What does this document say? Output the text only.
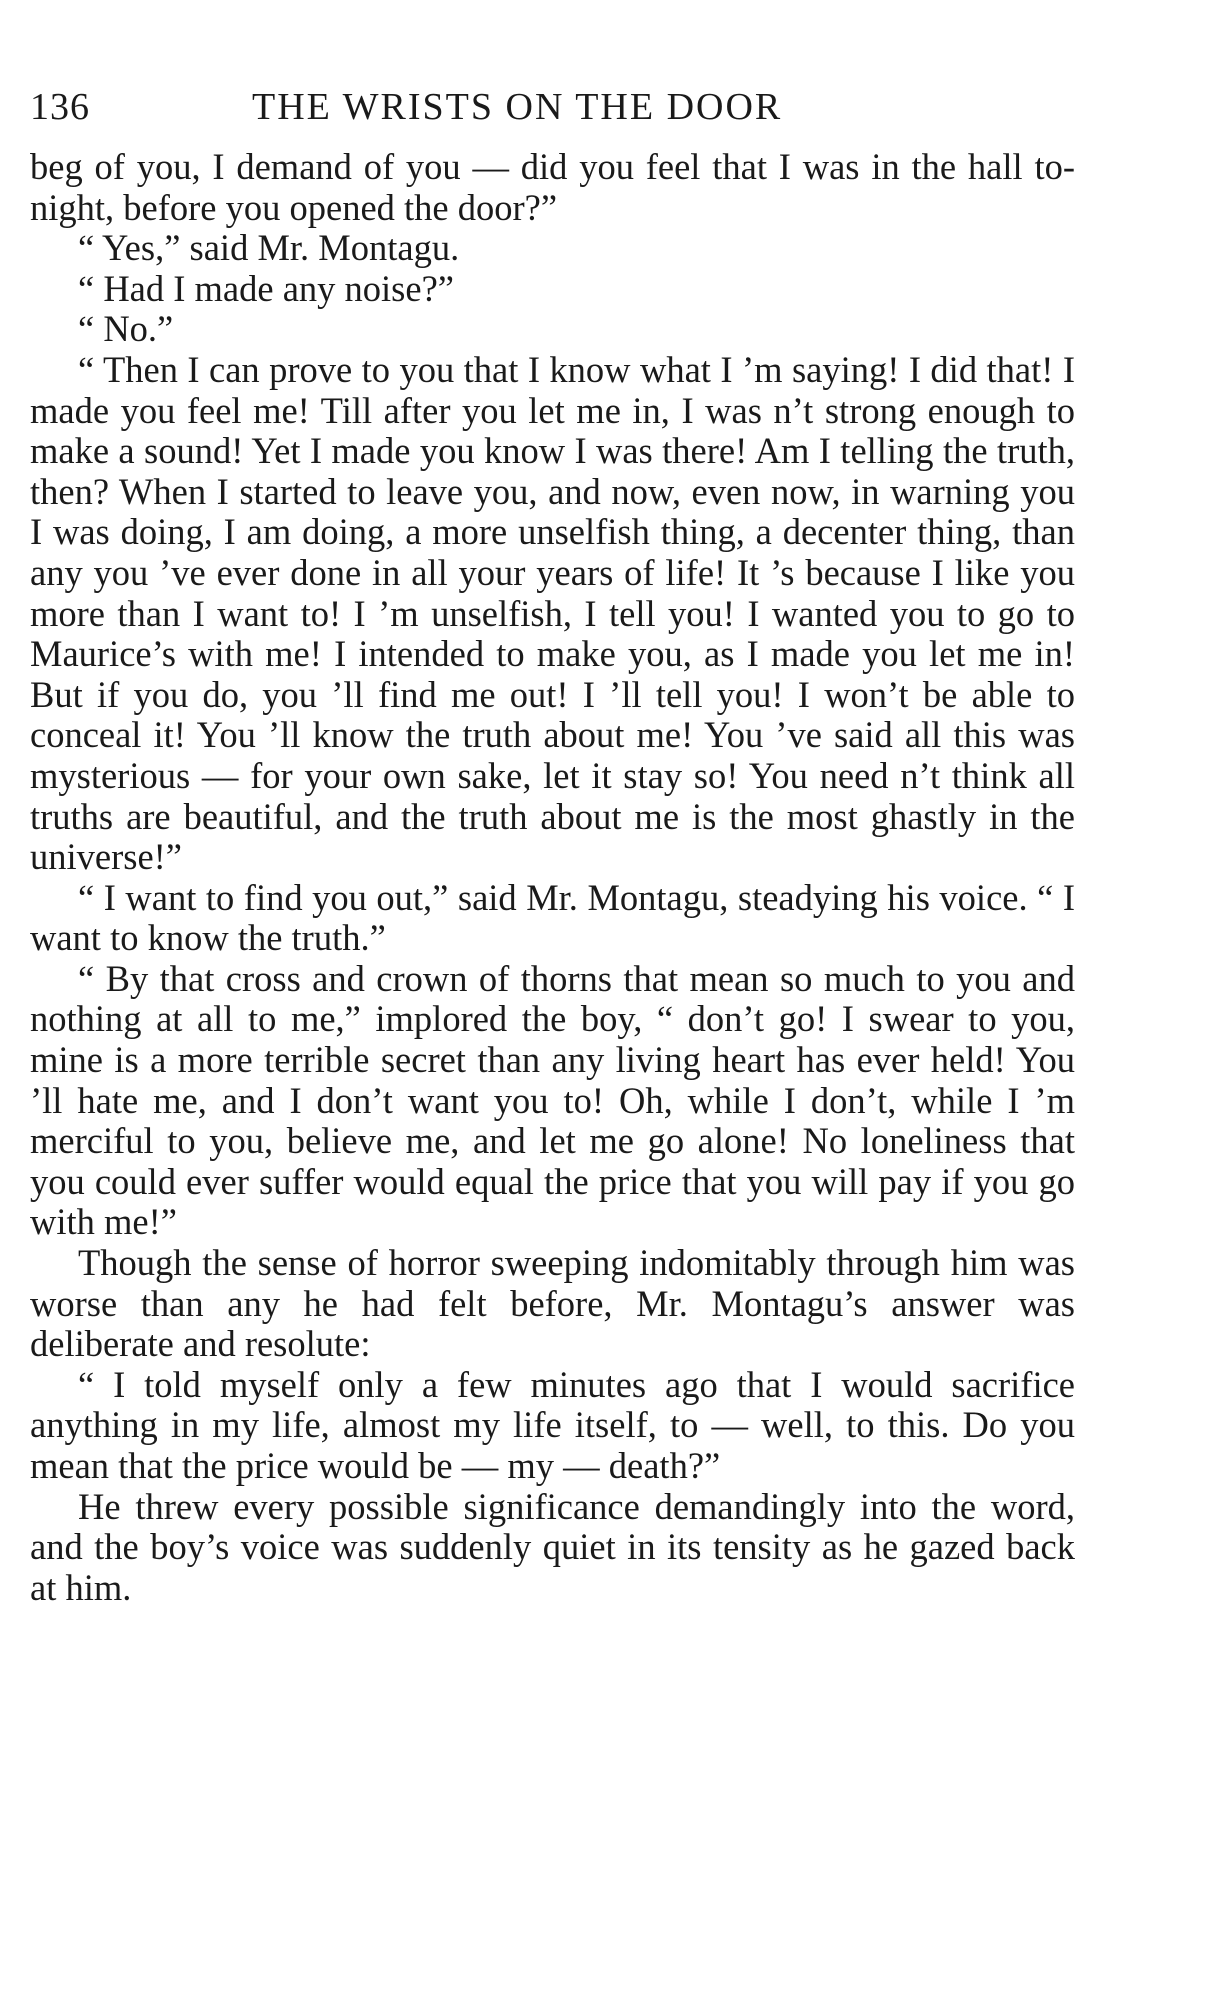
136	THE WRISTS ON THE DOOR

beg of you, I demand of you — did you feel that I was in the hall to-night, before you opened the door?”

“ Yes,” said Mr. Montagu.

“ Had I made any noise?”

“ No.”

“ Then I can prove to you that I know what I ’m saying! I did that! I made you feel me! Till after you let me in, I was n’t strong enough to make a sound! Yet I made you know I was there! Am I telling the truth, then? When I started to leave you, and now, even now, in warning you I was doing, I am doing, a more unselfish thing, a decenter thing, than any you ’ve ever done in all your years of life! It ’s because I like you more than I want to! I ’m unselfish, I tell you! I wanted you to go to Maurice’s with me! I intended to make you, as I made you let me in! But if you do, you ’ll find me out! I ’ll tell you! I won’t be able to conceal it! You ’ll know the truth about me! You ’ve said all this was mysterious — for your own sake, let it stay so! You need n’t think all truths are beautiful, and the truth about me is the most ghastly in the universe!”

“ I want to find you out,” said Mr. Montagu, steadying his voice. “ I want to know the truth.”

“ By that cross and crown of thorns that mean so much to you and nothing at all to me,” implored the boy, “ don’t go! I swear to you, mine is a more terrible secret than any living heart has ever held! You ’ll hate me, and I don’t want you to! Oh, while I don’t, while I ’m merciful to you, believe me, and let me go alone! No loneliness that you could ever suffer would equal the price that you will pay if you go with me!”

Though the sense of horror sweeping indomitably through him was worse than any he had felt before, Mr. Montagu’s answer was deliberate and resolute:

“ I told myself only a few minutes ago that I would sacrifice anything in my life, almost my life itself, to — well, to this. Do you mean that the price would be — my — death?”

He threw every possible significance demandingly into the word, and the boy’s voice was suddenly quiet in its tensity as he gazed back at him.
